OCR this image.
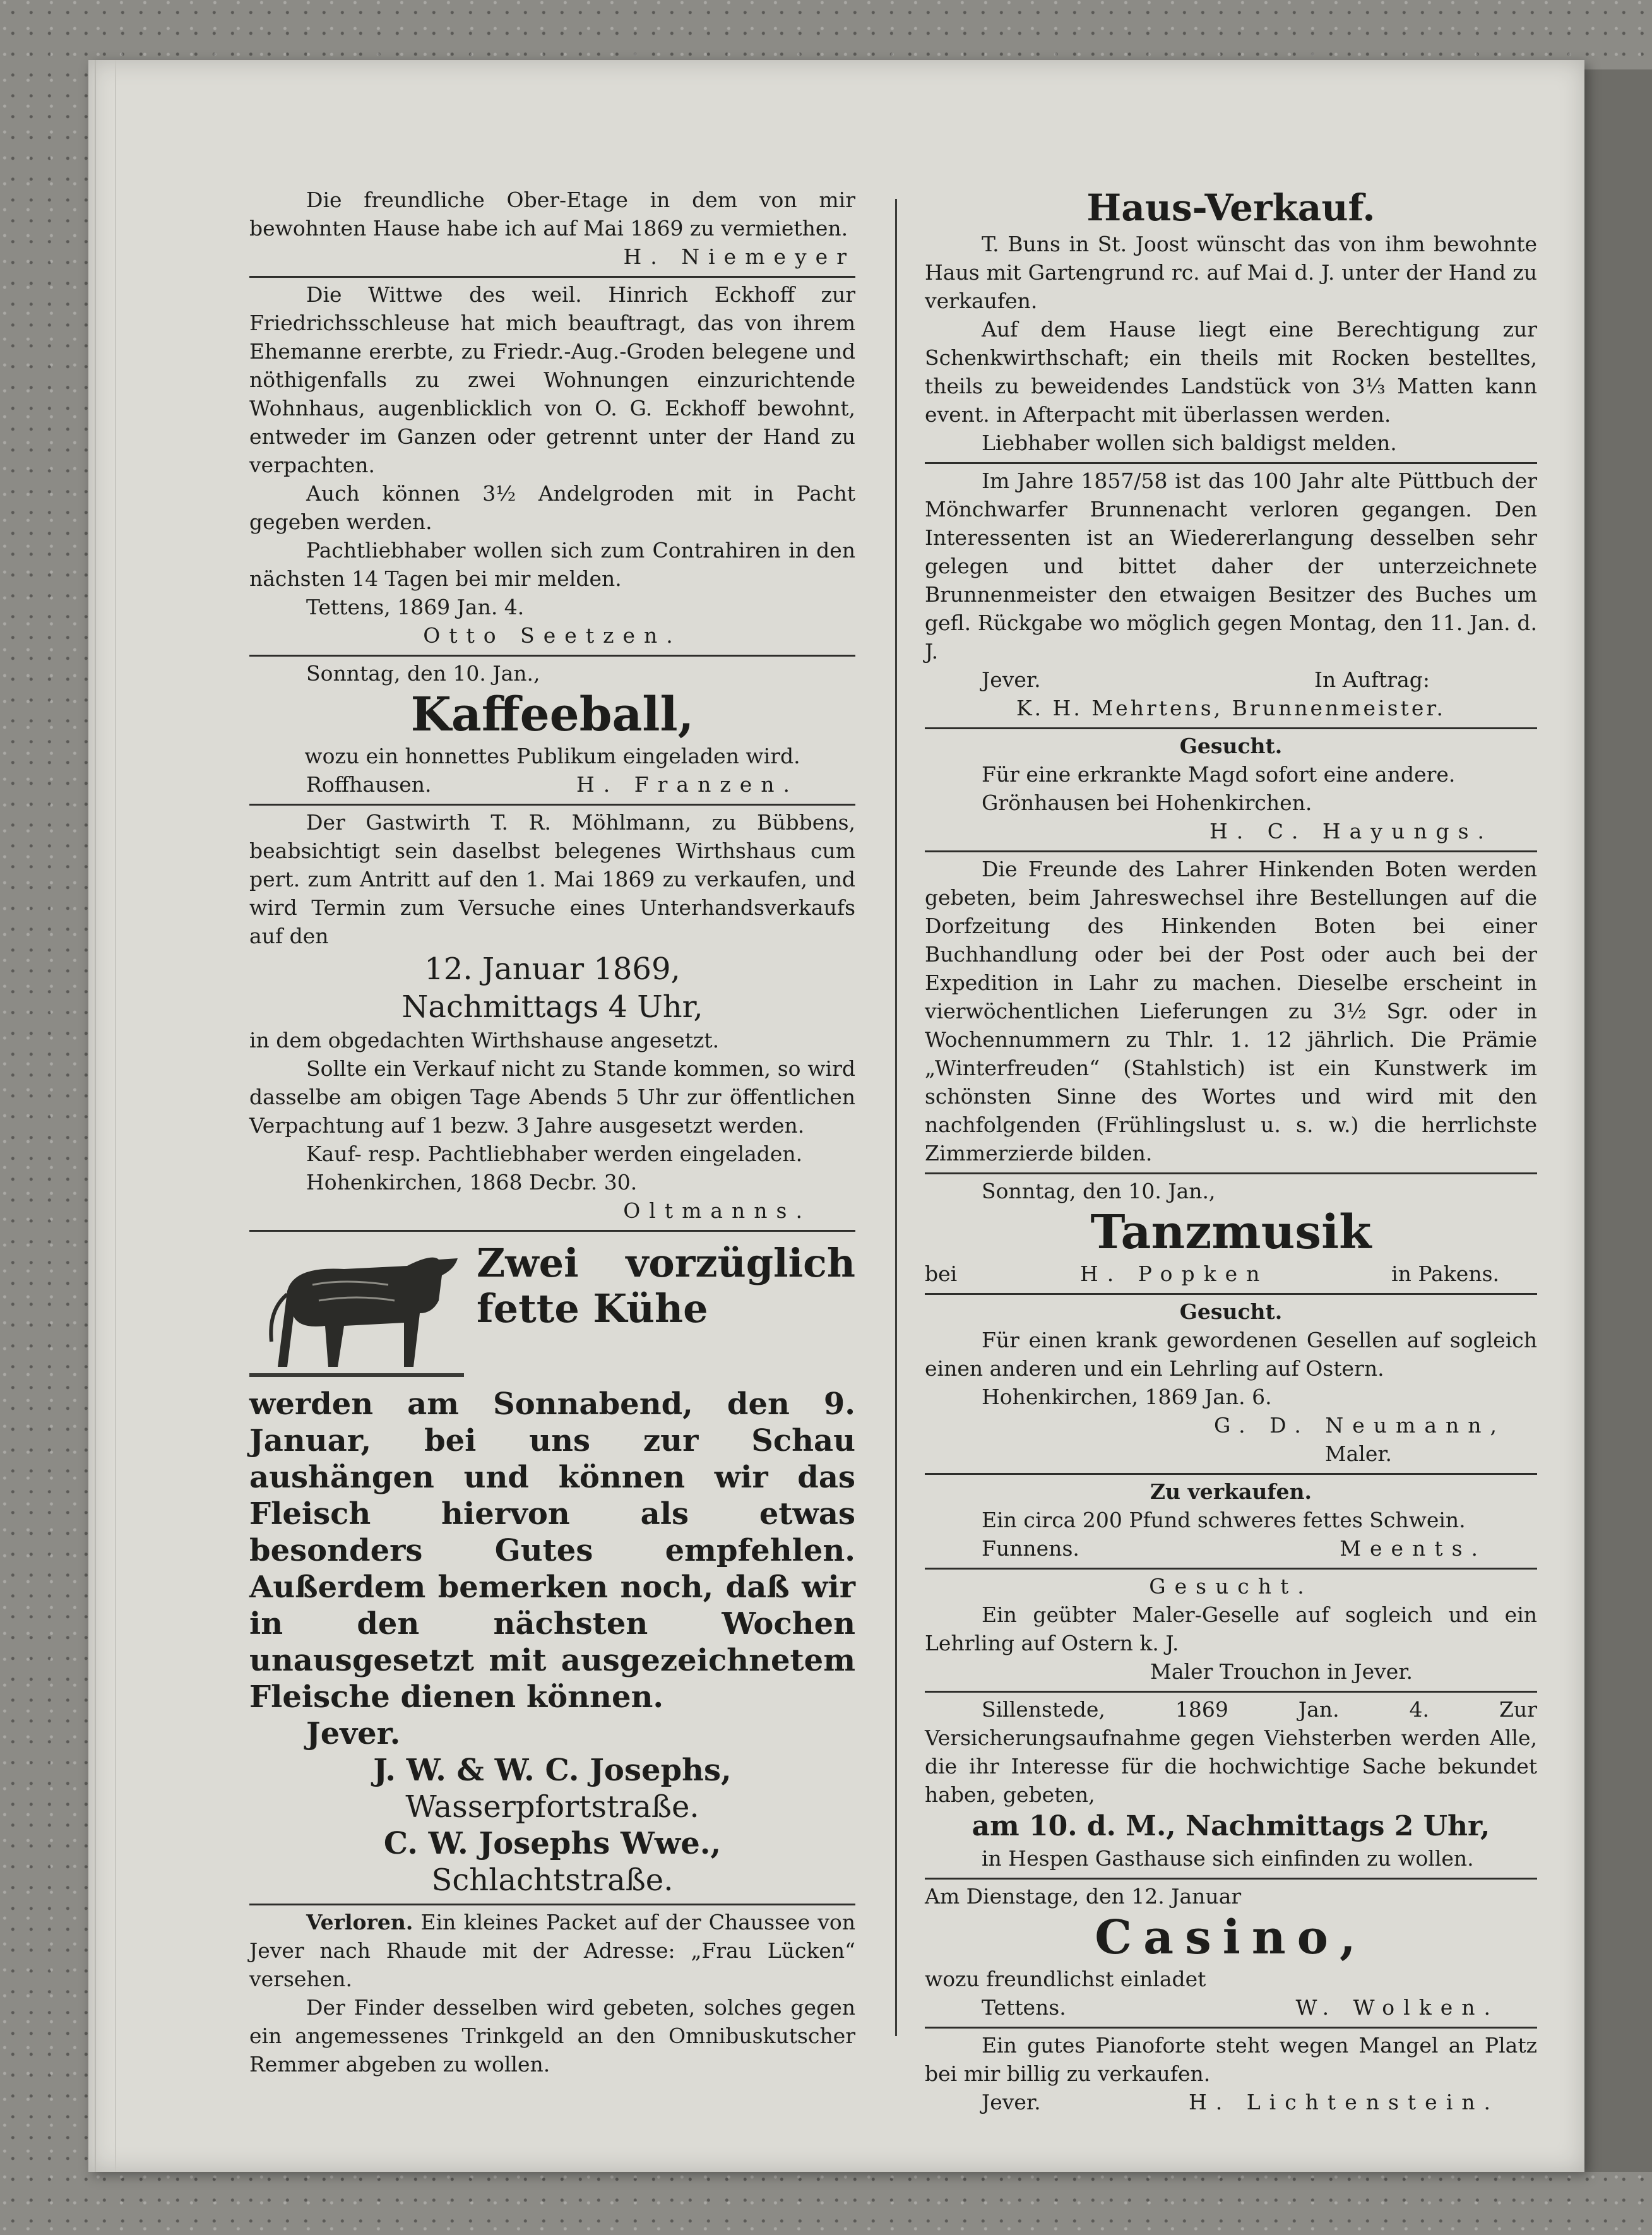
Die freundliche Ober-Etage in dem von mir bewohnten Hause habe ich auf Mai 1869 zu vermiethen.

H. Niemeyer

Die Wittwe des weil. Hinrich Eckhoff zur Friedrichsschleuse hat mich beauftragt, das von ihrem Ehemanne ererbte, zu Friedr.-Aug.-Groden belegene und nöthigenfalls zu zwei Wohnungen einzurichtende Wohnhaus, augenblicklich von O. G. Eckhoff bewohnt, entweder im Ganzen oder getrennt unter der Hand zu verpachten.

Auch können 3½ Andelgroden mit in Pacht gegeben werden.

Pachtliebhaber wollen sich zum Contrahiren in den nächsten 14 Tagen bei mir melden.

Tettens, 1869 Jan. 4.

Otto Seetzen.

Sonntag, den 10. Jan.,

Kaffeeball,

wozu ein honnettes Publikum eingeladen wird.

Roffhausen.	H. Franzen.

Der Gastwirth T. R. Möhlmann, zu Bübbens, beabsichtigt sein daselbst belegenes Wirthshaus cum pert. zum Antritt auf den 1. Mai 1869 zu verkaufen, und wird Termin zum Versuche eines Unterhandsverkaufs auf den

12. Januar 1869,

Nachmittags 4 Uhr,

in dem obgedachten Wirthshause angesetzt.

Sollte ein Verkauf nicht zu Stande kommen, so wird dasselbe am obigen Tage Abends 5 Uhr zur öffentlichen Verpachtung auf 1 bezw. 3 Jahre ausgesetzt werden.

Kauf- resp. Pachtliebhaber werden eingeladen.

Hohenkirchen, 1868 Decbr. 30.

Oltmanns.

Zwei vorzüglich fette Kühe

werden am Sonnabend, den 9. Januar, bei uns zur Schau aushängen und können wir das Fleisch hiervon als etwas besonders Gutes empfehlen. Außerdem bemerken noch, daß wir in den nächsten Wochen unausgesetzt mit ausgezeichnetem Fleische dienen können.

Jever.

J. W. & W. C. Josephs,

Wasserpfortstraße.

C. W. Josephs Wwe.,

Schlachtstraße.

Verloren. Ein kleines Packet auf der Chaussee von Jever nach Rhaude mit der Adresse: „Frau Lücken“ versehen.

Der Finder desselben wird gebeten, solches gegen ein angemessenes Trinkgeld an den Omnibuskutscher Remmer abgeben zu wollen.

Haus-Verkauf.

T. Buns in St. Joost wünscht das von ihm bewohnte Haus mit Gartengrund rc. auf Mai d. J. unter der Hand zu verkaufen.

Auf dem Hause liegt eine Berechtigung zur Schenkwirthschaft; ein theils mit Rocken bestelltes, theils zu beweidendes Landstück von 3⅓ Matten kann event. in Afterpacht mit überlassen werden.

Liebhaber wollen sich baldigst melden.

Im Jahre 1857/58 ist das 100 Jahr alte Püttbuch der Mönchwarfer Brunnenacht verloren gegangen. Den Interessenten ist an Wiedererlangung desselben sehr gelegen und bittet daher der unterzeichnete Brunnenmeister den etwaigen Besitzer des Buches um gefl. Rückgabe wo möglich gegen Montag, den 11. Jan. d. J.

Jever.	In Auftrag:

K. H. Mehrtens, Brunnenmeister.

Gesucht.

Für eine erkrankte Magd sofort eine andere.

Grönhausen bei Hohenkirchen.

H. C. Hayungs.

Die Freunde des Lahrer Hinkenden Boten werden gebeten, beim Jahreswechsel ihre Bestellungen auf die Dorfzeitung des Hinkenden Boten bei einer Buchhandlung oder bei der Post oder auch bei der Expedition in Lahr zu machen. Dieselbe erscheint in vierwöchentlichen Lieferungen zu 3½ Sgr. oder in Wochennummern zu Thlr. 1. 12 jährlich. Die Prämie „Winterfreuden“ (Stahlstich) ist ein Kunstwerk im schönsten Sinne des Wortes und wird mit den nachfolgenden (Frühlingslust u. s. w.) die herrlichste Zimmerzierde bilden.

Sonntag, den 10. Jan.,

Tanzmusik

bei	H. Popken	in Pakens.

Gesucht.

Für einen krank gewordenen Gesellen auf sogleich einen anderen und ein Lehrling auf Ostern.

Hohenkirchen, 1869 Jan. 6.

G. D. Neumann,

Maler.

Zu verkaufen.

Ein circa 200 Pfund schweres fettes Schwein.

Funnens.	Meents.

Gesucht.

Ein geübter Maler-Geselle auf sogleich und ein Lehrling auf Ostern k. J.

Maler Trouchon in Jever.

Sillenstede, 1869 Jan. 4. Zur Versicherungsaufnahme gegen Viehsterben werden Alle, die ihr Interesse für die hochwichtige Sache bekundet haben, gebeten,

am 10. d. M., Nachmittags 2 Uhr,

in Hespen Gasthause sich einfinden zu wollen.

Am Dienstage, den 12. Januar

Casino,

wozu freundlichst einladet

Tettens.	W. Wolken.

Ein gutes Pianoforte steht wegen Mangel an Platz bei mir billig zu verkaufen.

Jever.	H. Lichtenstein.
